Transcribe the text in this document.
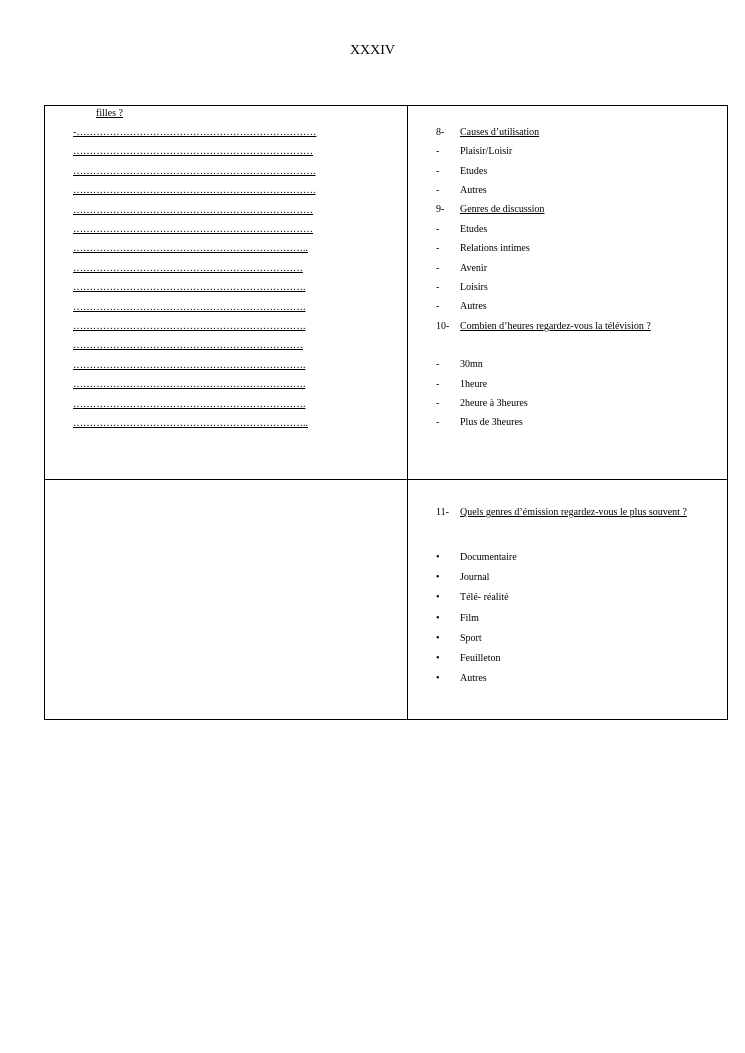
XXXIV
filles ?
-………………………………………………………………
………………………………………………………………
……………………………………………………………….
……………………………………………………………….
………………………………………………………………
………………………………………………………………
……………………………………………………………..
……………………………………………………………
…………………………………………………………….
…………………………………………………………….
…………………………………………………………….
……………………………………………………………
…………………………………………………………….
…………………………………………………………….
…………………………………………………………….
……………………………………………………………..
8- Causes d’utilisation
- Plaisir/Loisir
- Etudes
- Autres
9- Genres de discussion
- Etudes
- Relations intimes
- Avenir
- Loisirs
- Autres
10- Combien d’heures regardez-vous la télévision ?
- 30mn
- 1heure
- 2heure à 3heures
- Plus de 3heures
11- Quels genres d’émission regardez-vous le plus souvent ?
• Documentaire
• Journal
• Télé- réalité
• Film
• Sport
• Feuilleton
• Autres
